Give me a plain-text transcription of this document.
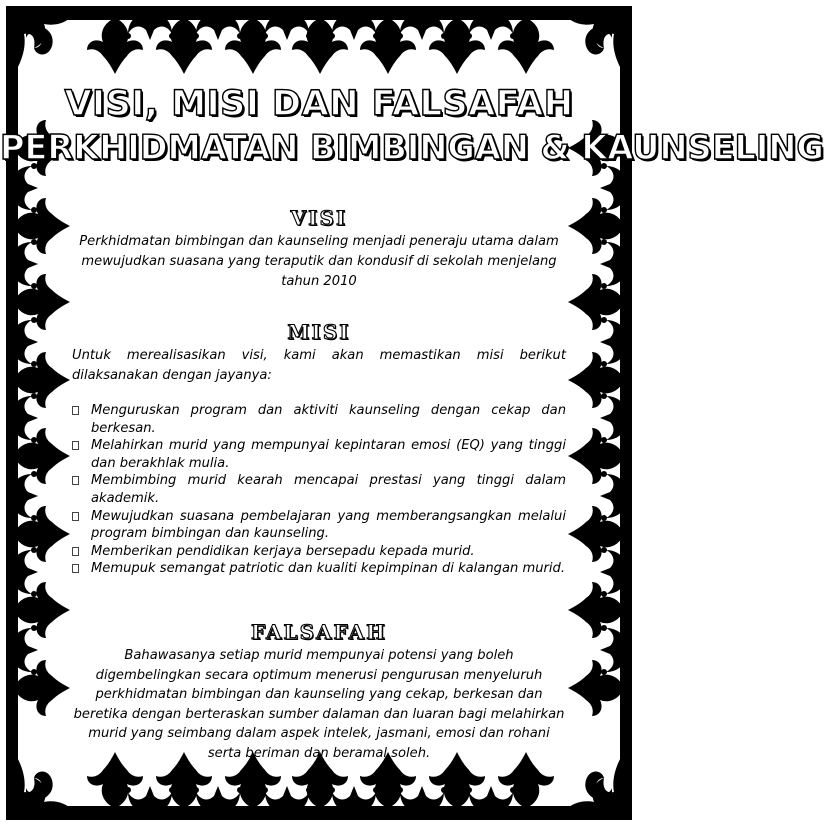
VISI, MISI DAN FALSAFAH
PERKHIDMATAN BIMBINGAN & KAUNSELING
VISI
Perkhidmatan bimbingan dan kaunseling menjadi peneraju utama dalam mewujudkan suasana yang teraputik dan kondusif di sekolah menjelang tahun 2010
MISI
Untuk merealisasikan visi, kami akan memastikan misi berikut dilaksanakan dengan jayanya:
Menguruskan program dan aktiviti kaunseling dengan cekap dan berkesan.
Melahirkan murid yang mempunyai kepintaran emosi (EQ) yang tinggi dan berakhlak mulia.
Membimbing murid kearah mencapai prestasi yang tinggi dalam akademik.
Mewujudkan suasana pembelajaran yang memberangsangkan melalui program bimbingan dan kaunseling.
Memberikan pendidikan kerjaya bersepadu kepada murid.
Memupuk semangat patriotic dan kualiti kepimpinan di kalangan murid.
FALSAFAH
Bahawasanya setiap murid mempunyai potensi yang boleh digembelingkan secara optimum menerusi pengurusan menyeluruh perkhidmatan bimbingan dan kaunseling yang cekap, berkesan dan beretika dengan berteraskan sumber dalaman dan luaran bagi melahirkan murid yang seimbang dalam aspek intelek, jasmani, emosi dan rohani serta beriman dan beramal soleh.
